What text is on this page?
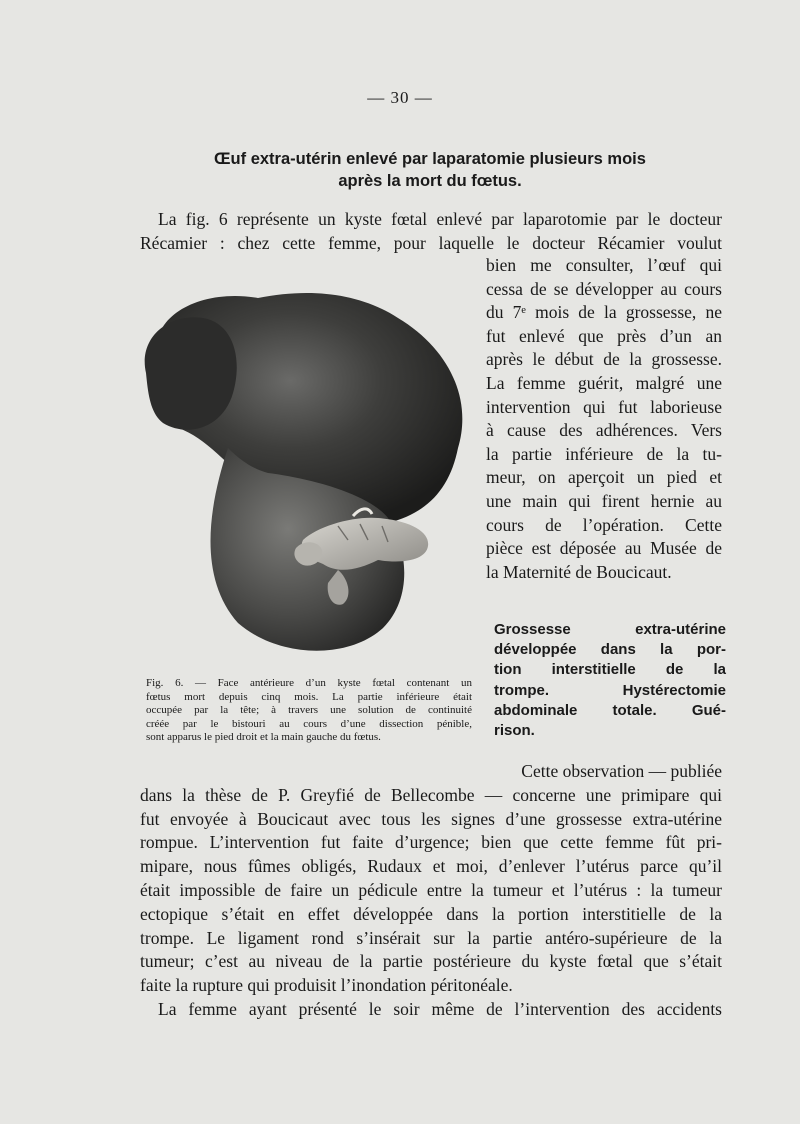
— 30 —
Œuf extra-utérin enlevé par laparatomie plusieurs mois
après la mort du fœtus.

La fig. 6 représente un kyste fœtal enlevé par laparotomie par le docteur
Récamier : chez cette femme, pour laquelle le docteur Récamier voulut

bien me consulter, l’œuf qui
cessa de se développer au cours
du 7ᵉ mois de la grossesse, ne
fut enlevé que près d’un an
après le début de la grossesse.
La femme guérit, malgré une
intervention qui fut laborieuse
à cause des adhérences. Vers
la partie inférieure de la tu-
meur, on aperçoit un pied et
une main qui firent hernie au
cours de l’opération. Cette
pièce est déposée au Musée de
la Maternité de Boucicaut.

Fig. 6. — Face antérieure d’un kyste fœtal contenant un
fœtus mort depuis cinq mois. La partie inférieure était
occupée par la tête; à travers une solution de continuité
créée par le bistouri au cours d’une dissection pénible,
sont apparus le pied droit et la main gauche du fœtus.

Grossesse extra-utérine
développée dans la por-
tion interstitielle de la
trompe. Hystérectomie
abdominale totale. Gué-
rison.

Cette observation — publiée
dans la thèse de P. Greyfié de Bellecombe — concerne une primipare qui
fut envoyée à Boucicaut avec tous les signes d’une grossesse extra-utérine
rompue. L’intervention fut faite d’urgence; bien que cette femme fût pri-
mipare, nous fûmes obligés, Rudaux et moi, d’enlever l’utérus parce qu’il
était impossible de faire un pédicule entre la tumeur et l’utérus : la tumeur
ectopique s’était en effet développée dans la portion interstitielle de la
trompe. Le ligament rond s’insérait sur la partie antéro-supérieure de la
tumeur; c’est au niveau de la partie postérieure du kyste fœtal que s’était
faite la rupture qui produisit l’inondation péritonéale.
La femme ayant présenté le soir même de l’intervention des accidents
